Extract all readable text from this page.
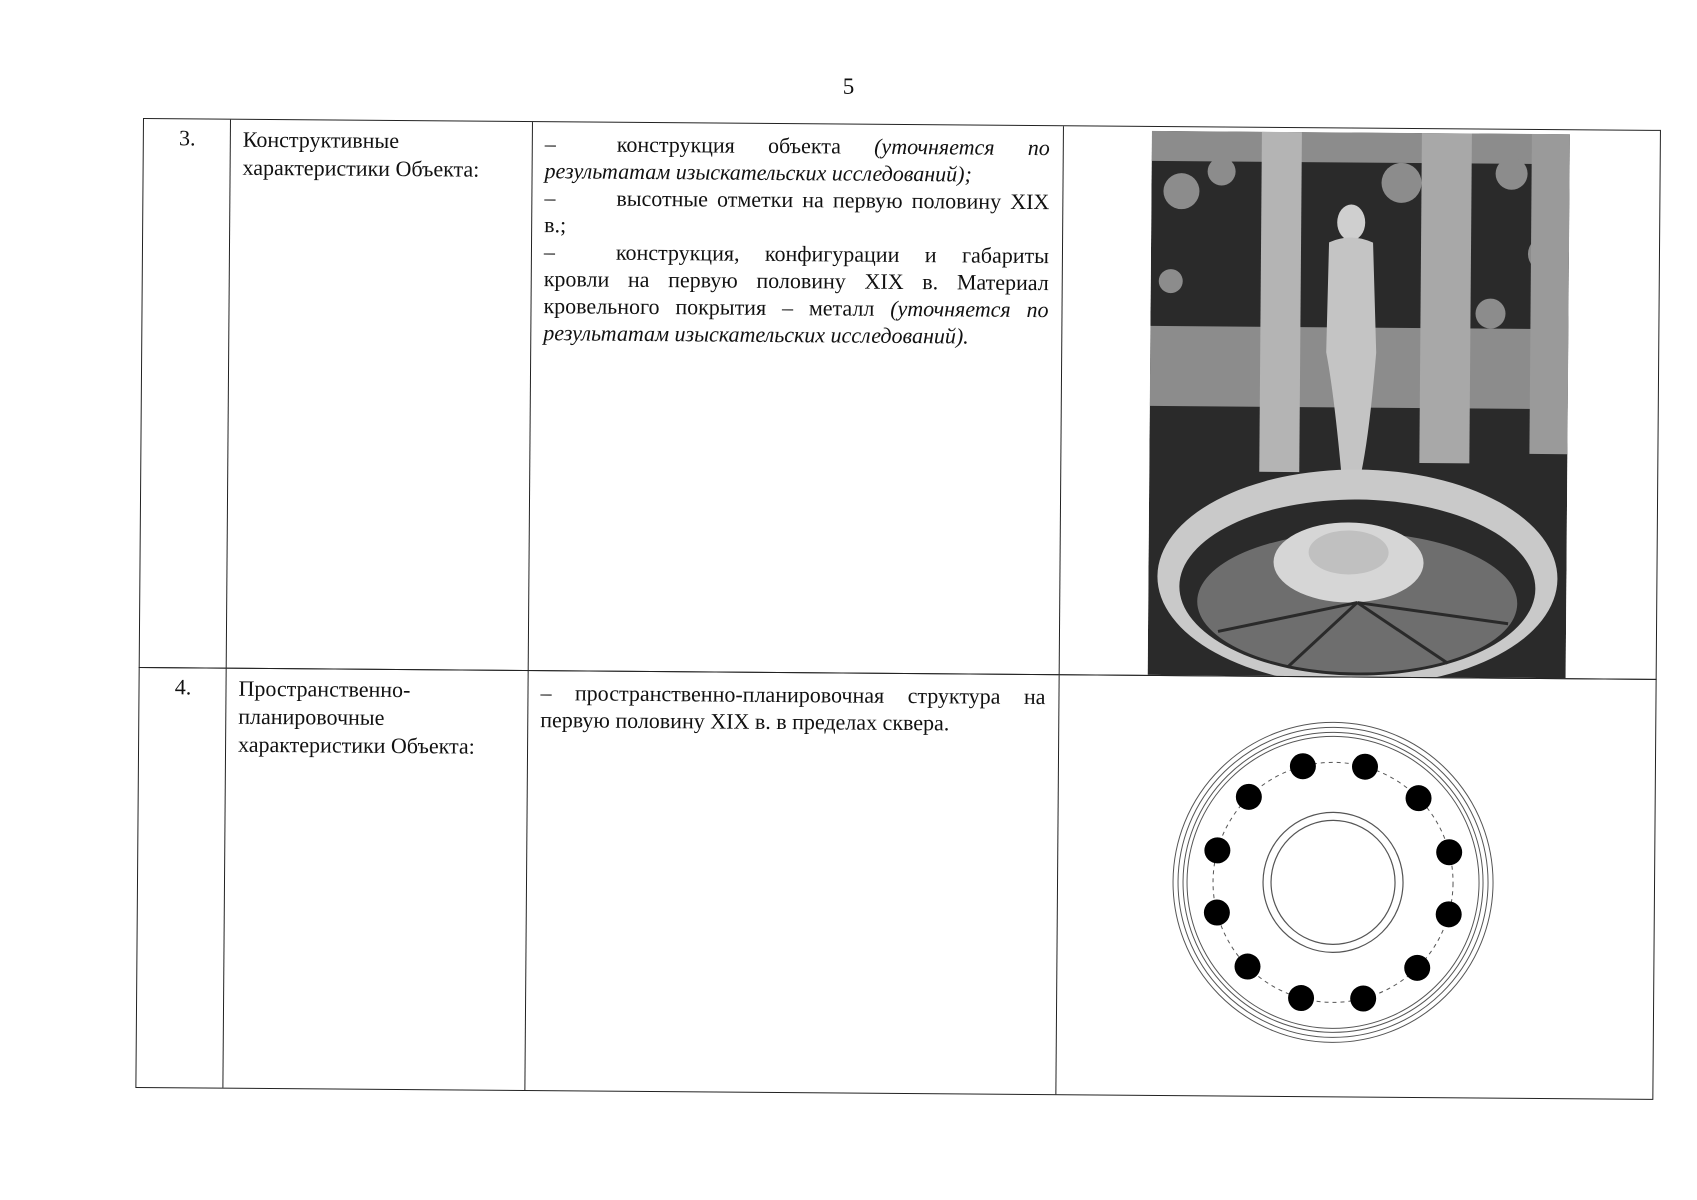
5
3.	Конструктивные характеристики Объекта:

–	конструкция объекта (уточняется по результатам изыскательских исследований);

–	высотные отметки на первую половину XIX в.;

–	конструкция, конфигурации и габариты кровли на первую половину XIX в. Материал кровельного покрытия – металл (уточняется по результатам изыскательских исследований).

4.	Пространственно-планировочные характеристики Объекта:
– пространственно-планировочная структура на первую половину XIX в. в пределах сквера.
